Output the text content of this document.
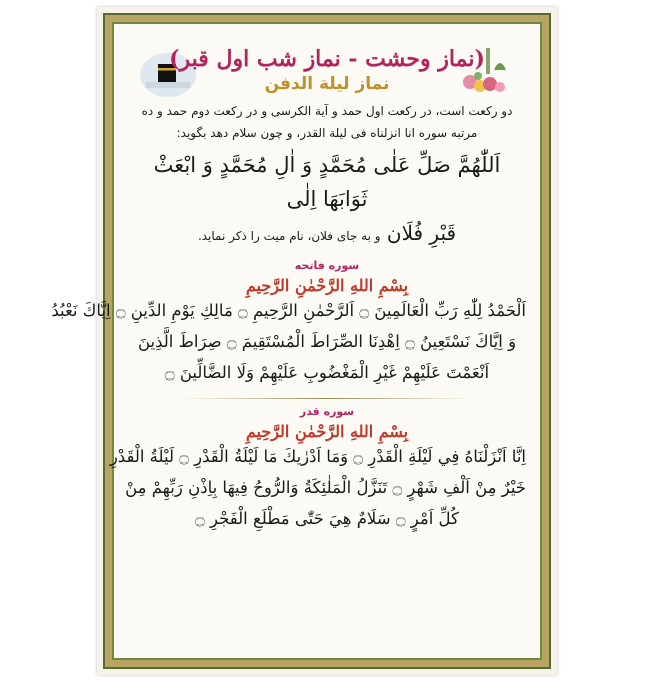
(نماز وحشت - نماز شب اول قبر)
نماز ليلة الدفن
دو رکعت است، در رکعت اول حمد و آیة الکرسی و در رکعت دوم حمد و ده
مرتبه سوره انا انزلناه فی لیلة القدر، و چون سلام دهد بگوید:
اَللّٰهُمَّ صَلِّ عَلٰى مُحَمَّدٍ وَ اٰلِ مُحَمَّدٍ وَ ابْعَثْ ثَوَابَهَا اِلٰى
قَبْرِ فُلَان و به جای فلان، نام میت را ذکر نماید.
سوره فاتحه
بِسْمِ اللهِ الرَّحْمٰنِ الرَّحِيمِ
اَلْحَمْدُ لِلّٰهِ رَبِّ الْعَالَمِينَ ۝ اَلرَّحْمٰنِ الرَّحِيمِ ۝ مَالِكِ يَوْمِ الدِّينِ ۝ اِيَّاكَ نَعْبُدُ
وَ اِيَّاكَ نَسْتَعِينُ ۝ اِهْدِنَا الصِّرَاطَ الْمُسْتَقِيمَ ۝ صِرَاطَ الَّذِينَ
اَنْعَمْتَ عَلَيْهِمْ غَيْرِ الْمَغْضُوبِ عَلَيْهِمْ وَلَا الضَّالِّينَ ۝
سوره قدر
بِسْمِ اللهِ الرَّحْمٰنِ الرَّحِيمِ
اِنَّا اَنْزَلْنَاهُ فِي لَيْلَةِ الْقَدْرِ ۝ وَمَا اَدْرٰيكَ مَا لَيْلَةُ الْقَدْرِ ۝ لَيْلَةُ الْقَدْرِ
خَيْرٌ مِنْ اَلْفِ شَهْرٍ ۝ تَنَزَّلُ الْمَلٰئِكَةُ وَالرُّوحُ فِيهَا بِاِذْنِ رَبِّهِمْ مِنْ
كُلِّ اَمْرٍ ۝ سَلَامٌ هِيَ حَتّٰى مَطْلَعِ الْفَجْرِ ۝
